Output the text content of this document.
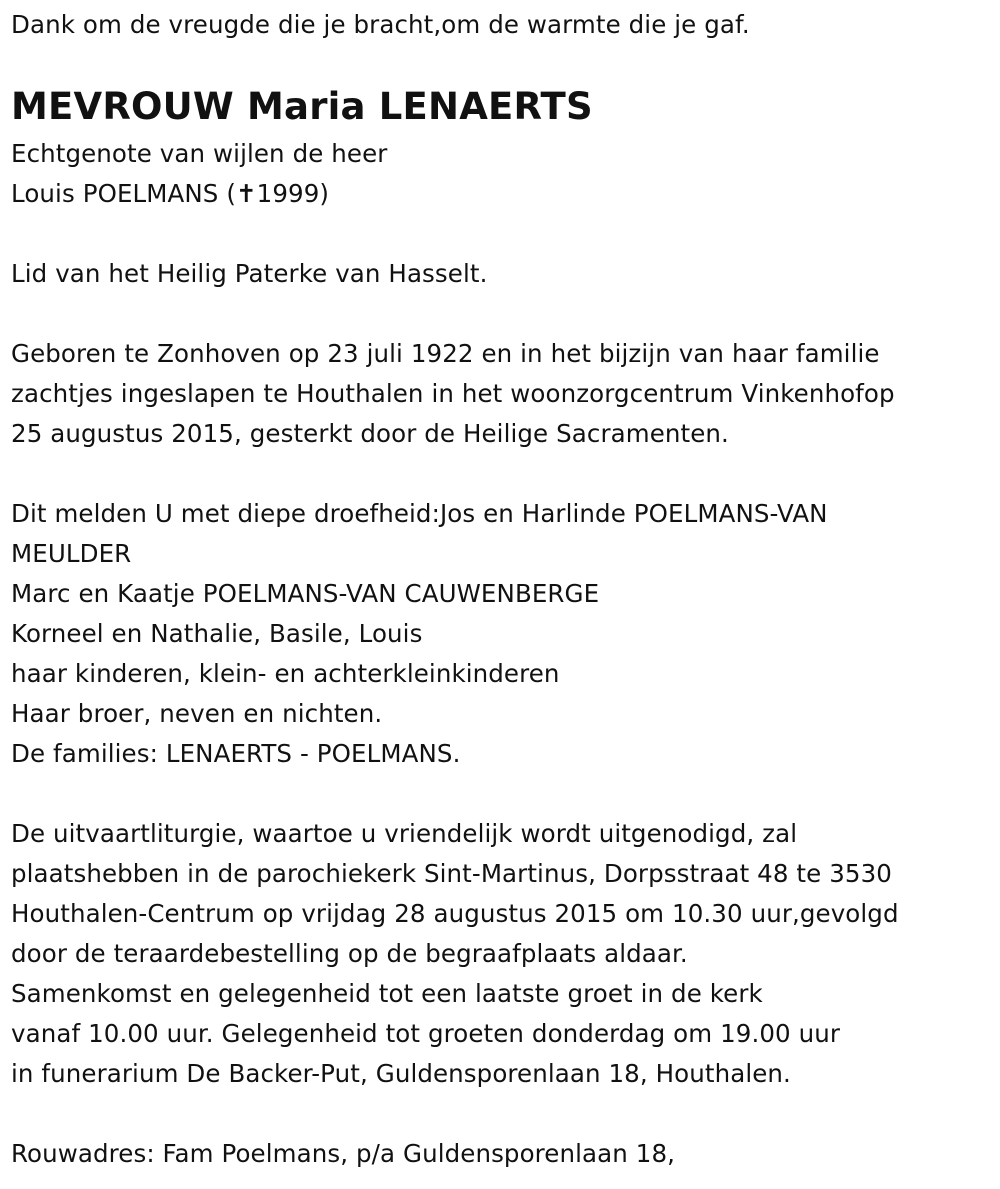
Dank om de vreugde die je bracht,om de warmte die je gaf.
MEVROUW Maria LENAERTS
Echtgenote van wijlen de heer
Louis POELMANS (✝1999)
Lid van het Heilig Paterke van Hasselt.
Geboren te Zonhoven op 23 juli 1922 en in het bijzijn van haar familie
zachtjes ingeslapen te Houthalen in het woonzorgcentrum Vinkenhofop
25 augustus 2015, gesterkt door de Heilige Sacramenten.
Dit melden U met diepe droefheid:Jos en Harlinde POELMANS-VAN
MEULDER
Marc en Kaatje POELMANS-VAN CAUWENBERGE
Korneel en Nathalie, Basile, Louis
haar kinderen, klein- en achterkleinkinderen
Haar broer, neven en nichten.
De families: LENAERTS - POELMANS.
De uitvaartliturgie, waartoe u vriendelijk wordt uitgenodigd, zal
plaatshebben in de parochiekerk Sint-Martinus, Dorpsstraat 48 te 3530
Houthalen-Centrum op vrijdag 28 augustus 2015 om 10.30 uur,gevolgd
door de teraardebestelling op de begraafplaats aldaar.
Samenkomst en gelegenheid tot een laatste groet in de kerk
vanaf 10.00 uur. Gelegenheid tot groeten donderdag om 19.00 uur
in funerarium De Backer-Put, Guldensporenlaan 18, Houthalen.
Rouwadres: Fam Poelmans, p/a Guldensporenlaan 18,
